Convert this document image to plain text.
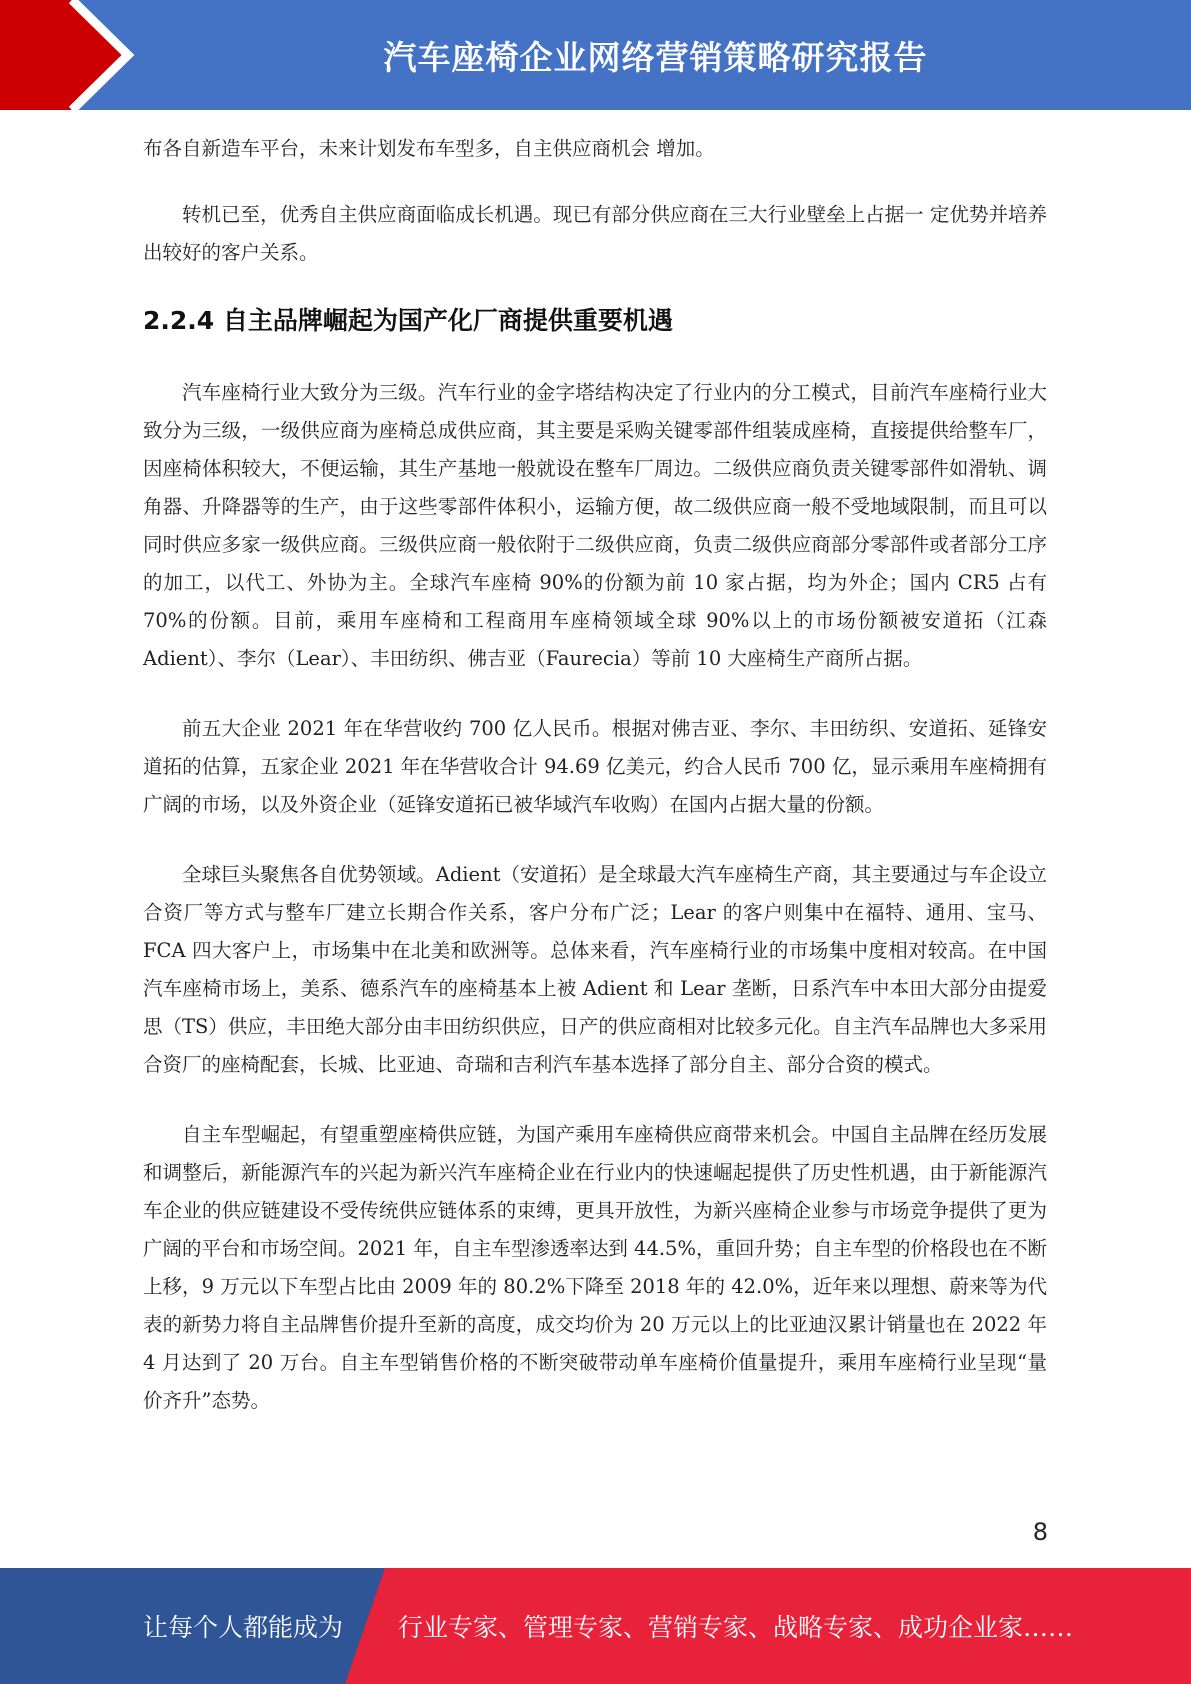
汽车座椅企业网络营销策略研究报告

布各自新造车平台，未来计划发布车型多，自主供应商机会 增加。

转机已至，优秀自主供应商面临成长机遇。现已有部分供应商在三大行业壁垒上占据一 定优势并培养出较好的客户关系。

2.2.4 自主品牌崛起为国产化厂商提供重要机遇

汽车座椅行业大致分为三级。汽车行业的金字塔结构决定了行业内的分工模式，目前汽车座椅行业大致分为三级，一级供应商为座椅总成供应商，其主要是采购关键零部件组装成座椅，直接提供给整车厂，因座椅体积较大，不便运输，其生产基地一般就设在整车厂周边。二级供应商负责关键零部件如滑轨、调角器、升降器等的生产，由于这些零部件体积小，运输方便，故二级供应商一般不受地域限制，而且可以同时供应多家一级供应商。三级供应商一般依附于二级供应商，负责二级供应商部分零部件或者部分工序的加工，以代工、外协为主。全球汽车座椅 90%的份额为前 10 家占据，均为外企；国内 CR5 占有 70%的份额。目前，乘用车座椅和工程商用车座椅领域全球 90%以上的市场份额被安道拓（江森 Adient）、李尔（Lear）、丰田纺织、佛吉亚（Faurecia）等前 10 大座椅生产商所占据。

前五大企业 2021 年在华营收约 700 亿人民币。根据对佛吉亚、李尔、丰田纺织、安道拓、延锋安道拓的估算，五家企业 2021 年在华营收合计 94.69 亿美元，约合人民币 700 亿，显示乘用车座椅拥有广阔的市场，以及外资企业（延锋安道拓已被华域汽车收购）在国内占据大量的份额。

全球巨头聚焦各自优势领域。Adient（安道拓）是全球最大汽车座椅生产商，其主要通过与车企设立合资厂等方式与整车厂建立长期合作关系，客户分布广泛；Lear 的客户则集中在福特、通用、宝马、FCA 四大客户上，市场集中在北美和欧洲等。总体来看，汽车座椅行业的市场集中度相对较高。在中国汽车座椅市场上，美系、德系汽车的座椅基本上被 Adient 和 Lear 垄断，日系汽车中本田大部分由提爱思（TS）供应，丰田绝大部分由丰田纺织供应，日产的供应商相对比较多元化。自主汽车品牌也大多采用合资厂的座椅配套，长城、比亚迪、奇瑞和吉利汽车基本选择了部分自主、部分合资的模式。

自主车型崛起，有望重塑座椅供应链，为国产乘用车座椅供应商带来机会。中国自主品牌在经历发展和调整后，新能源汽车的兴起为新兴汽车座椅企业在行业内的快速崛起提供了历史性机遇，由于新能源汽车企业的供应链建设不受传统供应链体系的束缚，更具开放性，为新兴座椅企业参与市场竞争提供了更为广阔的平台和市场空间。2021 年，自主车型渗透率达到 44.5%，重回升势；自主车型的价格段也在不断上移，9 万元以下车型占比由 2009 年的 80.2%下降至 2018 年的 42.0%，近年来以理想、蔚来等为代表的新势力将自主品牌售价提升至新的高度，成交均价为 20 万元以上的比亚迪汉累计销量也在 2022 年 4 月达到了 20 万台。自主车型销售价格的不断突破带动单车座椅价值量提升，乘用车座椅行业呈现“量价齐升”态势。

8
让每个人都能成为 行业专家、管理专家、营销专家、战略专家、成功企业家……
